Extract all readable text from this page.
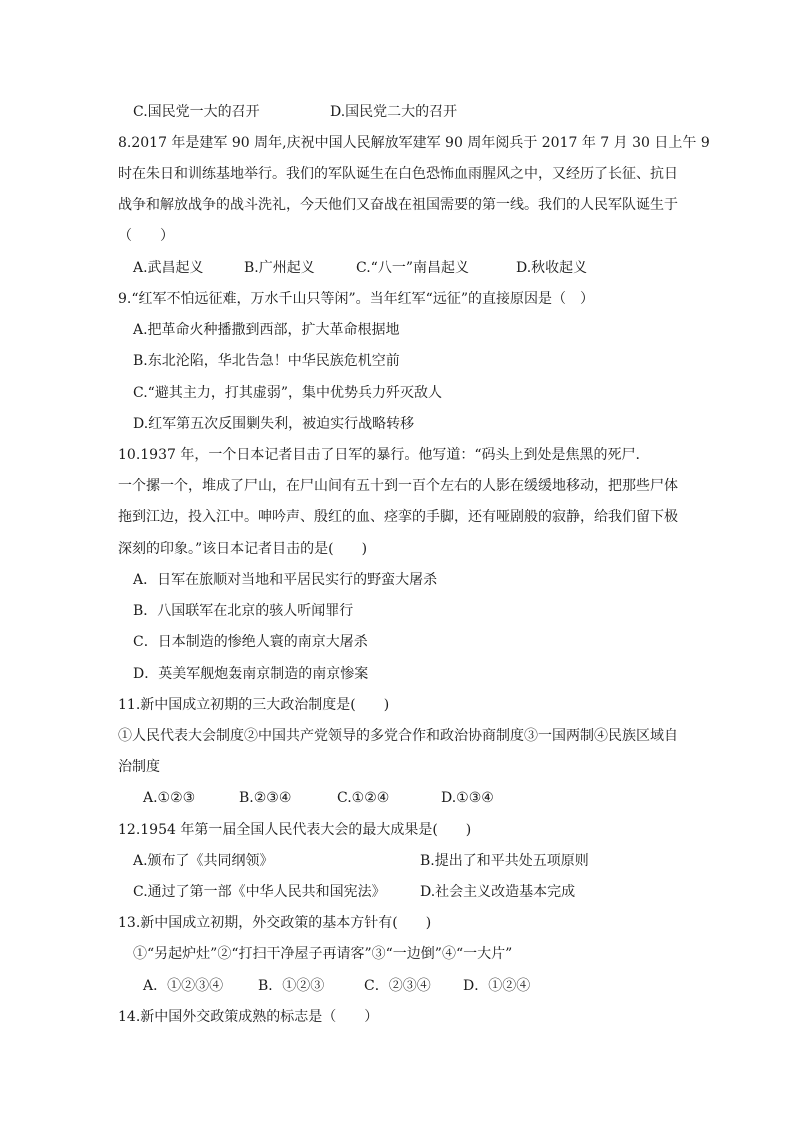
C.国民党一大的召开	D.国民党二大的召开
8.2017 年是建军 90 周年,庆祝中国人民解放军建军 90 周年阅兵于 2017 年 7 月 30 日上午 9
时在朱日和训练基地举行。我们的军队诞生在白色恐怖血雨腥风之中，又经历了长征、抗日
战争和解放战争的战斗洗礼，今天他们又奋战在祖国需要的第一线。我们的人民军队诞生于
（　　）
A.武昌起义	B.广州起义	C.“八一”南昌起义	D.秋收起义
9.“红军不怕远征难，万水千山只等闲”。当年红军“远征”的直接原因是（　）
A.把革命火种播撒到西部，扩大革命根据地
B.东北沦陷，华北告急！中华民族危机空前
C.“避其主力，打其虚弱”，集中优势兵力歼灭敌人
D.红军第五次反围剿失利，被迫实行战略转移
10.1937 年，一个日本记者目击了日军的暴行。他写道：“码头上到处是焦黑的死尸.
一个摞一个，堆成了尸山，在尸山间有五十到一百个左右的人影在缓缓地移动，把那些尸体
拖到江边，投入江中。呻吟声、殷红的血、痉挛的手脚，还有哑剧般的寂静，给我们留下极
深刻的印象。”该日本记者目击的是(　　)
A．日军在旅顺对当地和平居民实行的野蛮大屠杀
B．八国联军在北京的骇人听闻罪行
C．日本制造的惨绝人寰的南京大屠杀
D．英美军舰炮轰南京制造的南京惨案
11.新中国成立初期的三大政治制度是(　　)
①人民代表大会制度②中国共产党领导的多党合作和政治协商制度③一国两制④民族区域自
治制度
A.①②③	B.②③④	C.①②④	D.①③④
12.1954 年第一届全国人民代表大会的最大成果是(　　)
A.颁布了《共同纲领》	B.提出了和平共处五项原则
C.通过了第一部《中华人民共和国宪法》 D.社会主义改造基本完成
13.新中国成立初期，外交政策的基本方针有(　　)
①“另起炉灶”②“打扫干净屋子再请客”③“一边倒”④“一大片”
A．①②③④ B．①②③	C．②③④ D．①②④
14.新中国外交政策成熟的标志是（　　）
